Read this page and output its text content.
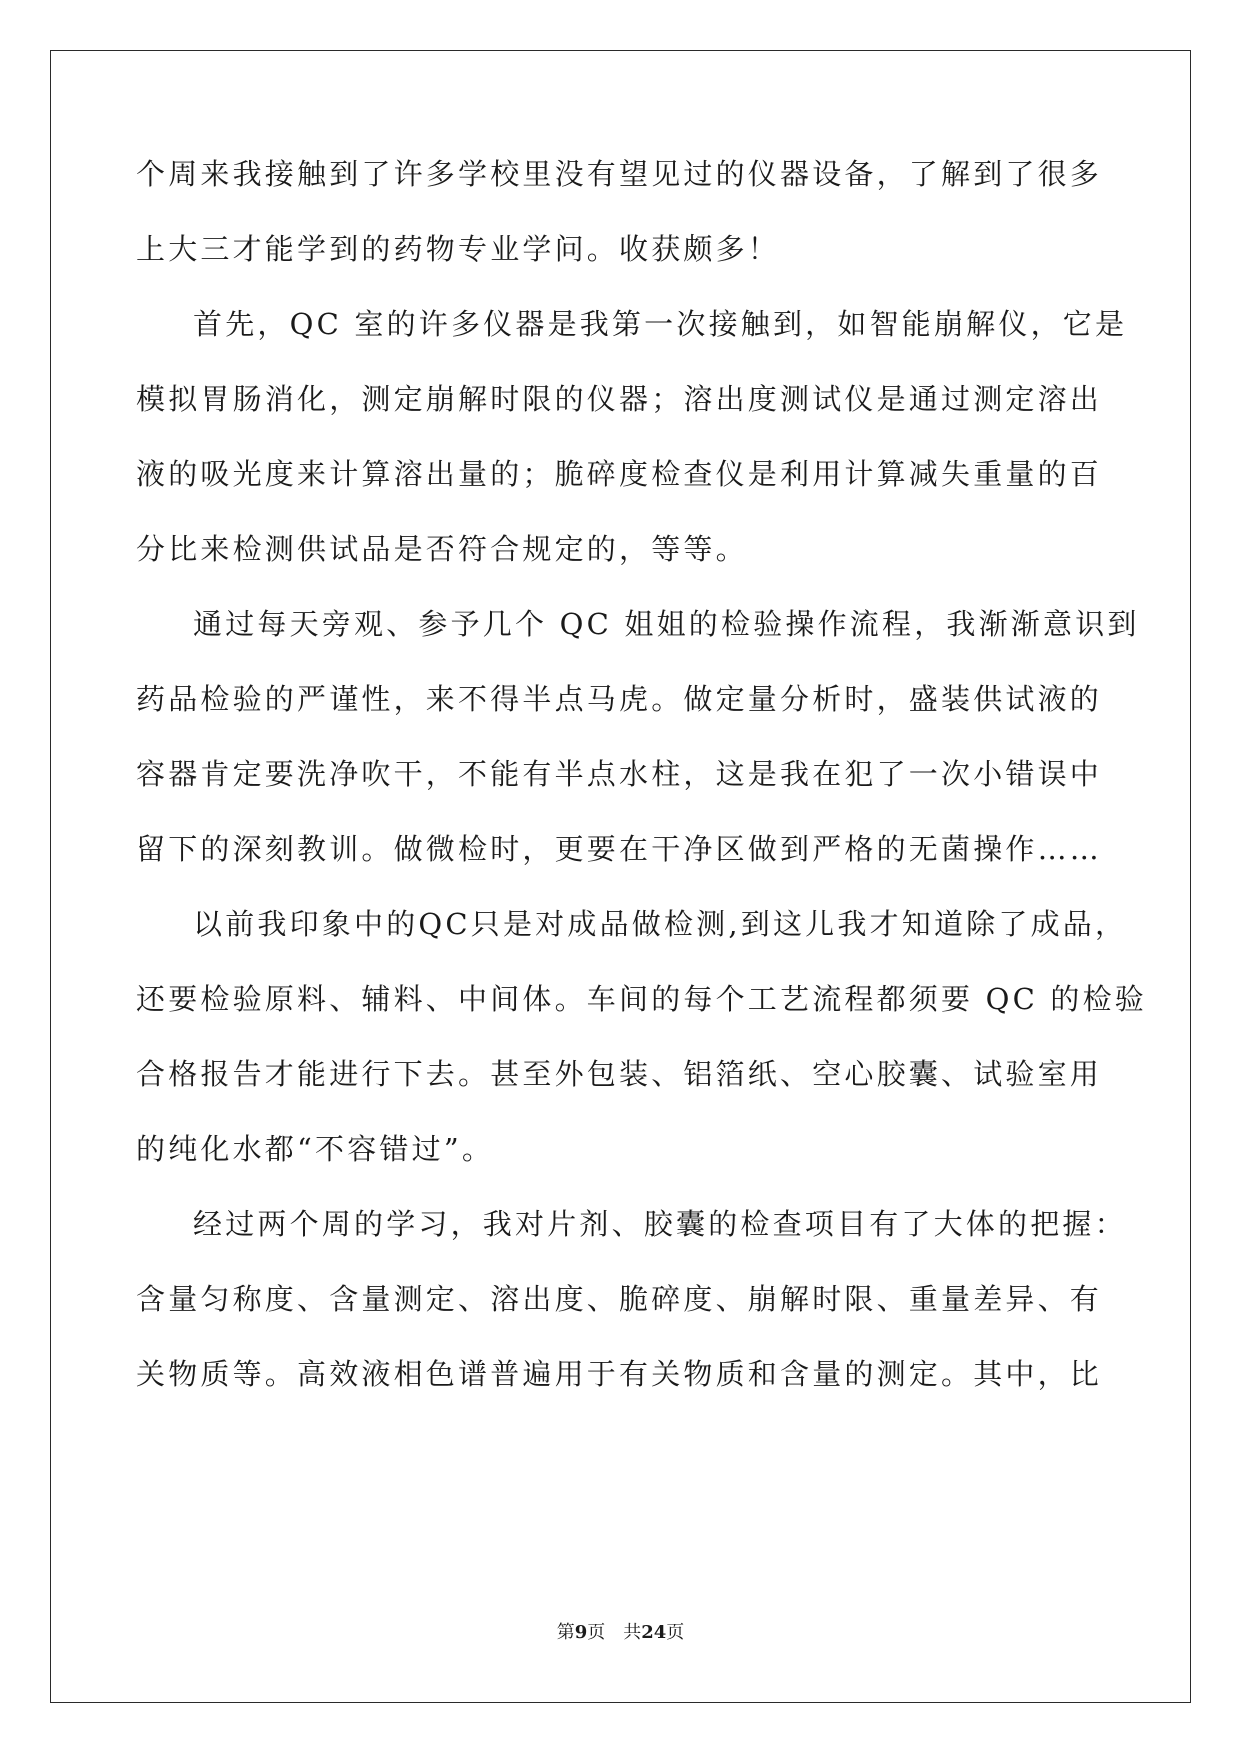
个周来我接触到了许多学校里没有望见过的仪器设备，了解到了很多
上大三才能学到的药物专业学问。收获颇多！
首先，QC 室的许多仪器是我第一次接触到，如智能崩解仪，它是
模拟胃肠消化，测定崩解时限的仪器；溶出度测试仪是通过测定溶出
液的吸光度来计算溶出量的；脆碎度检查仪是利用计算减失重量的百
分比来检测供试品是否符合规定的，等等。
通过每天旁观、参予几个 QC 姐姐的检验操作流程，我渐渐意识到
药品检验的严谨性，来不得半点马虎。做定量分析时，盛装供试液的
容器肯定要洗净吹干，不能有半点水柱，这是我在犯了一次小错误中
留下的深刻教训。做微检时，更要在干净区做到严格的无菌操作……
以前我印象中的QC只是对成品做检测,到这儿我才知道除了成品，
还要检验原料、辅料、中间体。车间的每个工艺流程都须要 QC 的检验
合格报告才能进行下去。甚至外包装、铝箔纸、空心胶囊、试验室用
的纯化水都“不容错过”。
经过两个周的学习，我对片剂、胶囊的检查项目有了大体的把握：
含量匀称度、含量测定、溶出度、脆碎度、崩解时限、重量差异、有
关物质等。高效液相色谱普遍用于有关物质和含量的测定。其中，比
第9页 共24页
